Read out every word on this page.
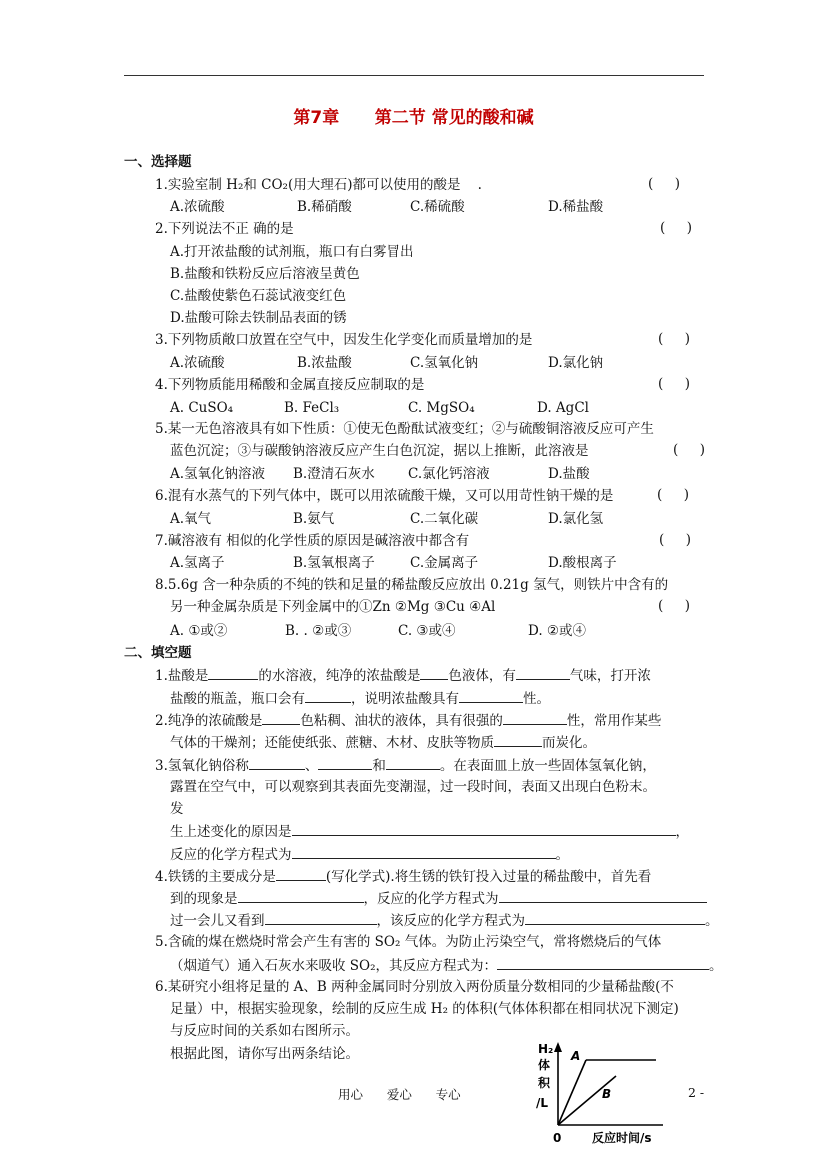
第7章      第二节 常见的酸和碱
一、选择题
1.实验室制 H₂和 CO₂(用大理石)都可以使用的酸是    .	(     )
A.浓硫酸	B.稀硝酸	C.稀硫酸	D.稀盐酸
2.下列说法不正 确的是	(     )
A.打开浓盐酸的试剂瓶，瓶口有白雾冒出
B.盐酸和铁粉反应后溶液呈黄色
C.盐酸使紫色石蕊试液变红色
D.盐酸可除去铁制品表面的锈
3.下列物质敞口放置在空气中，因发生化学变化而质量增加的是	(     )
A.浓硫酸	B.浓盐酸	C.氢氧化钠	D.氯化钠
4.下列物质能用稀酸和金属直接反应制取的是	(     )
A. CuSO₄	B. FeCl₃	C. MgSO₄	D. AgCl
5.某一无色溶液具有如下性质：①使无色酚酞试液变红；②与硫酸铜溶液反应可产生
蓝色沉淀；③与碳酸钠溶液反应产生白色沉淀，据以上推断，此溶液是	(     )
A.氢氧化钠溶液 B.澄清石灰水 C.氯化钙溶液	D.盐酸
6.混有水蒸气的下列气体中，既可以用浓硫酸干燥，又可以用苛性钠干燥的是	(     )
A.氧气	B.氨气	C.二氧化碳	D.氯化氢
7.碱溶液有 相似的化学性质的原因是碱溶液中都含有	(     )
A.氢离子	B.氢氧根离子	C.金属离子	D.酸根离子
8.5.6g 含一种杂质的不纯的铁和足量的稀盐酸反应放出 0.21g 氢气，则铁片中含有的
另一种金属杂质是下列金属中的①Zn ②Mg ③Cu ④Al	(     )
A. ①或②	B. . ②或③	C. ③或④	D. ②或④
二、填空题
1.盐酸是	的水溶液，纯净的浓盐酸是 色液体，有	气味，打开浓
盐酸的瓶盖，瓶口会有	，说明浓盐酸具有	性。
2.纯净的浓硫酸是	色粘稠、油状的液体，具有很强的	性，常用作某些
气体的干燥剂；还能使纸张、蔗糖、木材、皮肤等物质	而炭化。
3.氢氧化钠俗称	、	和	。在表面皿上放一些固体氢氧化钠，
露置在空气中，可以观察到其表面先变潮湿，过一段时间，表面又出现白色粉末。
发
生上述变化的原因是	，
反应的化学方程式为	。
4.铁锈的主要成分是	(写化学式).将生锈的铁钉投入过量的稀盐酸中，首先看
到的现象是	，反应的化学方程式为
过一会儿又看到	，该反应的化学方程式为	。
5.含硫的煤在燃烧时常会产生有害的 SO₂ 气体。为防止污染空气，常将燃烧后的气体
（烟道气）通入石灰水来吸收 SO₂，其反应方程式为：	。
6.某研究小组将足量的 A、B 两种金属同时分别放入两份质量分数相同的少量稀盐酸(不
足量）中，根据实验现象，绘制的反应生成 H₂ 的体积(气体体积都在相同状况下测定)
与反应时间的关系如右图所示。
根据此图，请你写出两条结论。	H₂
体
积
/L
A
B
0	反应时间/s
用心      爱心      专心	2 -
